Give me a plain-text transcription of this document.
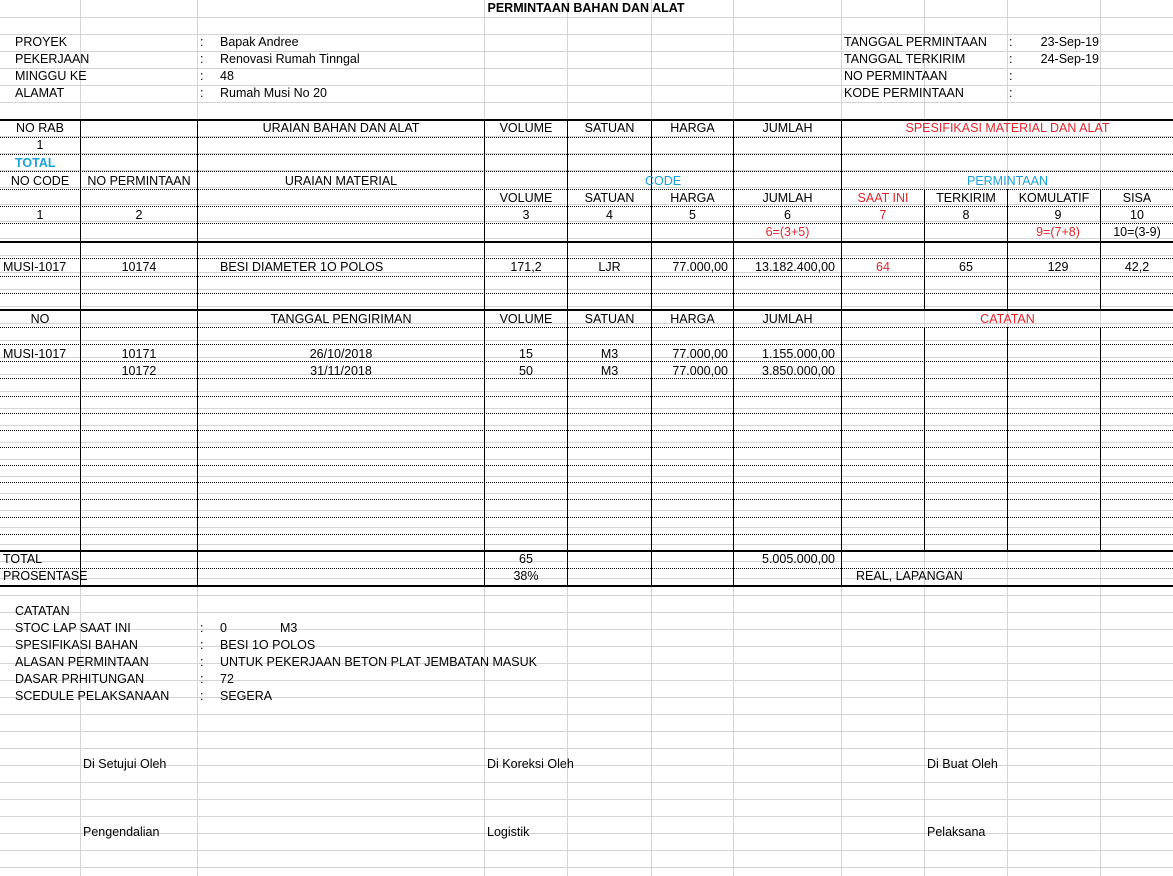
PERMINTAAN BAHAN DAN ALAT
PROYEK	: Bapak Andree
PEKERJAAN	: Renovasi Rumah Tinngal
MINGGU KE	: 48
ALAMAT	: Rumah Musi No 20
TANGGAL PERMINTAAN :	23-Sep-19
TANGGAL TERKIRIM	:	24-Sep-19
NO PERMINTAAN	:
KODE PERMINTAAN	:
NO RAB	URAIAN BAHAN DAN ALAT	VOLUME	SATUAN	HARGA	JUMLAH	SPESIFIKASI MATERIAL DAN ALAT
1
TOTAL
NO CODE	NO PERMINTAAN	URAIAN MATERIAL	CODE	PERMINTAAN
VOLUME	SATUAN	HARGA	JUMLAH	SAAT INI	TERKIRIM	KOMULATIF	SISA
1	2	3	4	5	6	7	8	9	10
6=(3+5)	9=(7+8)	10=(3-9)
MUSI-1017	10174	BESI DIAMETER 1O POLOS	171,2	LJR	77.000,00	13.182.400,00	64	65	129	42,2
NO	TANGGAL PENGIRIMAN	VOLUME	SATUAN	HARGA	JUMLAH	CATATAN
MUSI-1017	10171	26/10/2018	15	M3	77.000,00	1.155.000,00
10172	31/11/2018	50	M3	77.000,00	3.850.000,00
TOTAL	65	5.005.000,00
PROSENTASE	38%	REAL, LAPANGAN
CATATAN
STOC LAP SAAT INI	: 0	M3
SPESIFIKASI BAHAN	: BESI 1O POLOS
ALASAN PERMINTAAN	: UNTUK PEKERJAAN BETON PLAT JEMBATAN MASUK
DASAR PRHITUNGAN	: 72
SCEDULE PELAKSANAAN : SEGERA
Di Setujui Oleh	Di Koreksi Oleh	Di Buat Oleh
Pengendalian	Logistik	Pelaksana
